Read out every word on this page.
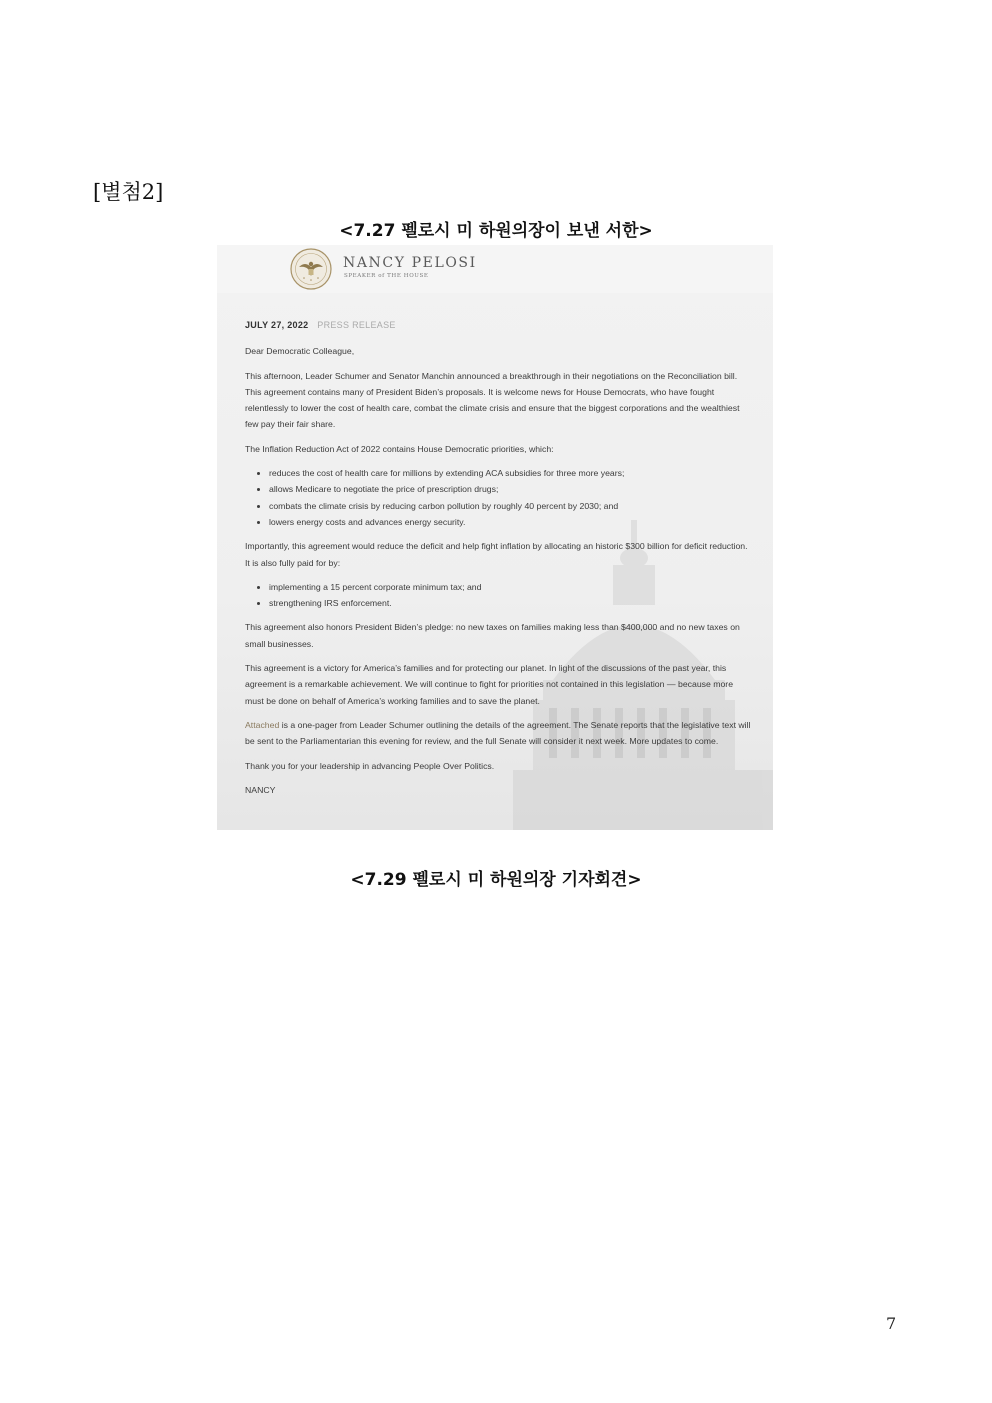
[별첨2]
<7.27 펠로시 미 하원의장이 보낸 서한>
NANCY PELOSI
SPEAKER of THE HOUSE
JULY 27, 2022 PRESS RELEASE

Dear Democratic Colleague,

This afternoon, Leader Schumer and Senator Manchin announced a breakthrough in their negotiations on the Reconciliation bill. This agreement contains many of President Biden’s proposals. It is welcome news for House Democrats, who have fought relentlessly to lower the cost of health care, combat the climate crisis and ensure that the biggest corporations and the wealthiest few pay their fair share.

The Inflation Reduction Act of 2022 contains House Democratic priorities, which:

• reduces the cost of health care for millions by extending ACA subsidies for three more years;
• allows Medicare to negotiate the price of prescription drugs;
• combats the climate crisis by reducing carbon pollution by roughly 40 percent by 2030; and
• lowers energy costs and advances energy security.

Importantly, this agreement would reduce the deficit and help fight inflation by allocating an historic $300 billion for deficit reduction. It is also fully paid for by:

• implementing a 15 percent corporate minimum tax; and
• strengthening IRS enforcement.

This agreement also honors President Biden’s pledge: no new taxes on families making less than $400,000 and no new taxes on small businesses.

This agreement is a victory for America’s families and for protecting our planet. In light of the discussions of the past year, this agreement is a remarkable achievement. We will continue to fight for priorities not contained in this legislation — because more must be done on behalf of America’s working families and to save the planet.

Attached is a one-pager from Leader Schumer outlining the details of the agreement. The Senate reports that the legislative text will be sent to the Parliamentarian this evening for review, and the full Senate will consider it next week. More updates to come.

Thank you for your leadership in advancing People Over Politics.

NANCY

<7.29 펠로시 미 하원의장 기자회견>
7
